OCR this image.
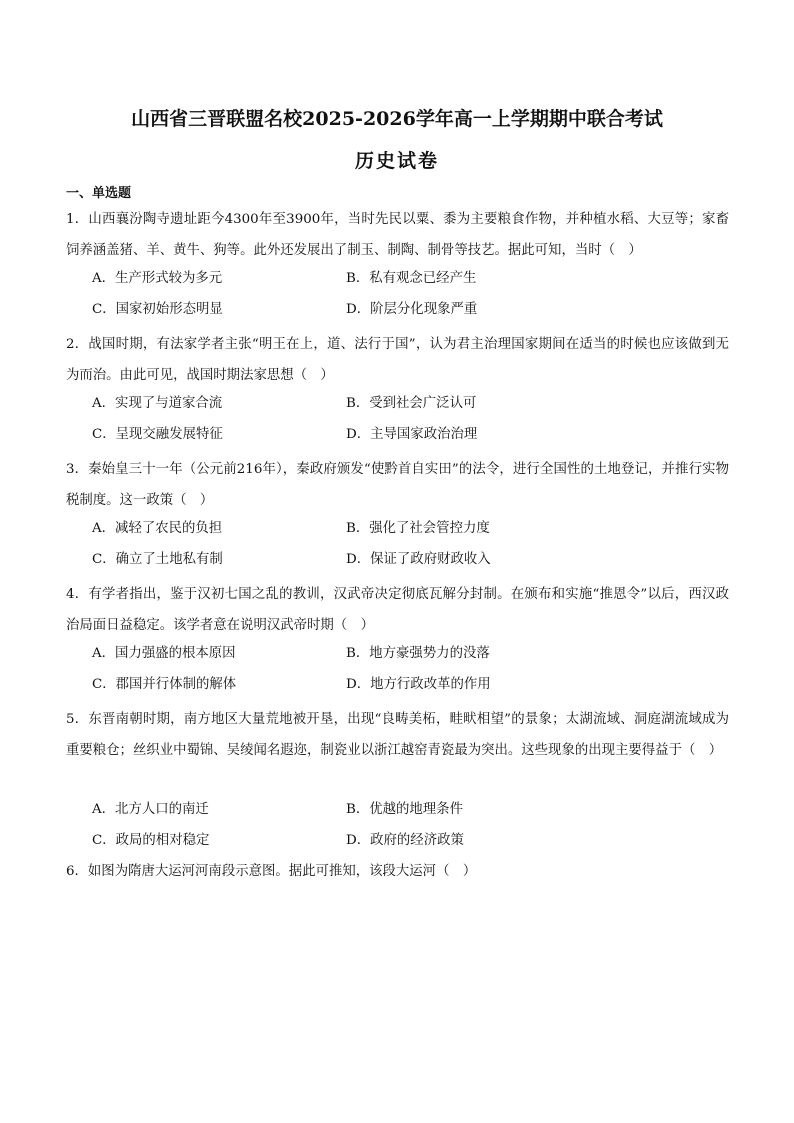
山西省三晋联盟名校2025-2026学年高一上学期期中联合考试
历史试卷
一、单选题
1．山西襄汾陶寺遗址距今4300年至3900年，当时先民以粟、黍为主要粮食作物，并种植水稻、大豆等；家畜饲养涵盖猪、羊、黄牛、狗等。此外还发展出了制玉、制陶、制骨等技艺。据此可知，当时（　）
A．生产形式较为多元	B．私有观念已经产生
C．国家初始形态明显	D．阶层分化现象严重
2．战国时期，有法家学者主张“明王在上，道、法行于国”，认为君主治理国家期间在适当的时候也应该做到无为而治。由此可见，战国时期法家思想（　）
A．实现了与道家合流	B．受到社会广泛认可
C．呈现交融发展特征	D．主导国家政治治理
3．秦始皇三十一年（公元前216年），秦政府颁发“使黔首自实田”的法令，进行全国性的土地登记，并推行实物税制度。这一政策（　）
A．减轻了农民的负担	B．强化了社会管控力度
C．确立了土地私有制	D．保证了政府财政收入
4．有学者指出，鉴于汉初七国之乱的教训，汉武帝决定彻底瓦解分封制。在颁布和实施“推恩令”以后，西汉政治局面日益稳定。该学者意在说明汉武帝时期（　）
A．国力强盛的根本原因	B．地方豪强势力的没落
C．郡国并行体制的解体	D．地方行政改革的作用
5．东晋南朝时期，南方地区大量荒地被开垦，出现“良畴美柘，畦畎相望”的景象；太湖流域、洞庭湖流域成为重要粮仓；丝织业中蜀锦、吴绫闻名遐迩，制瓷业以浙江越窑青瓷最为突出。这些现象的出现主要得益于（　）
A．北方人口的南迁	B．优越的地理条件
C．政局的相对稳定	D．政府的经济政策
6．如图为隋唐大运河河南段示意图。据此可推知，该段大运河（　）
